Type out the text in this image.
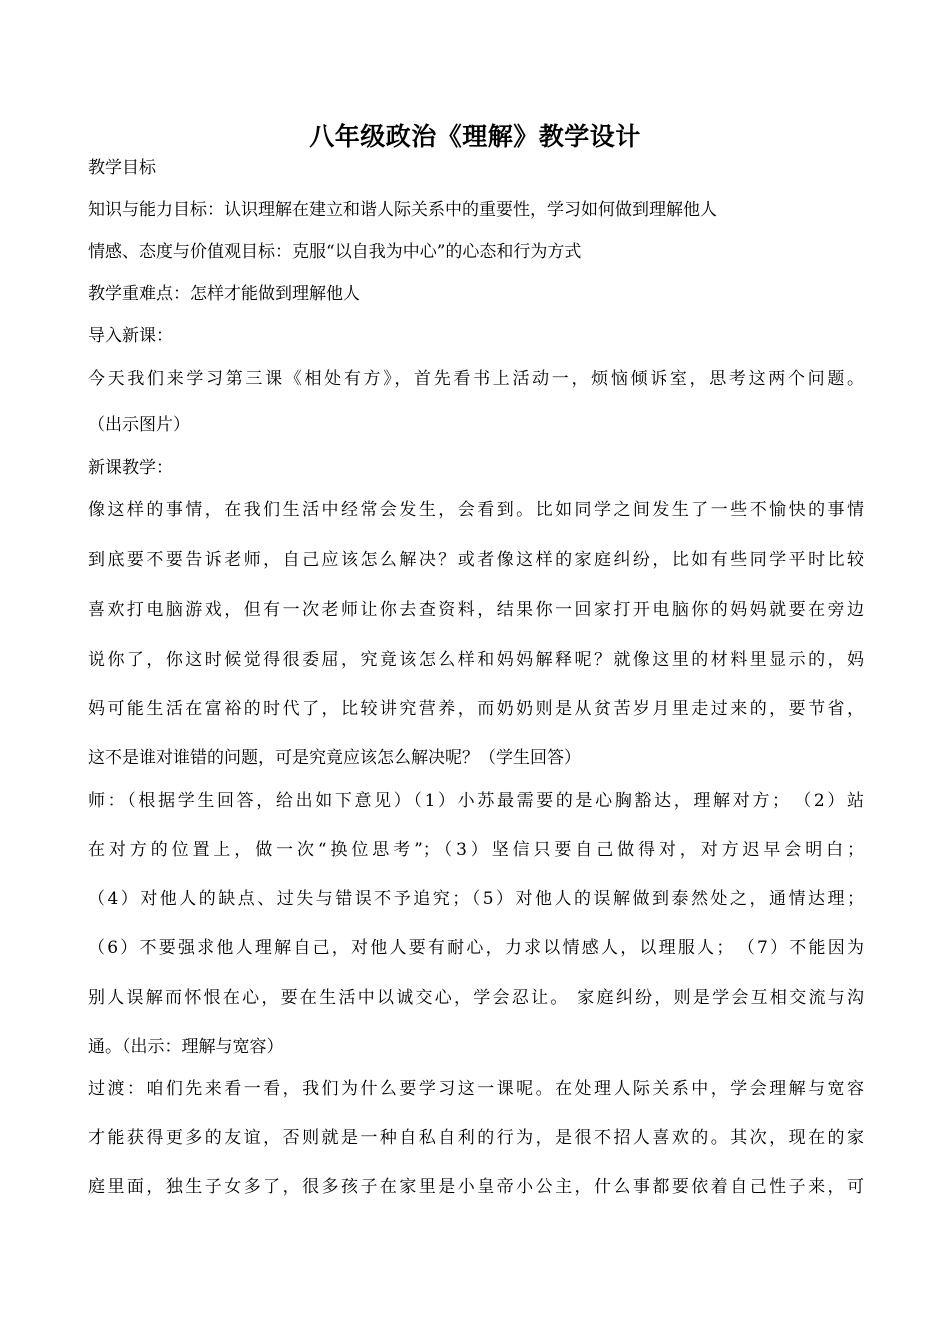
八年级政治《理解》教学设计
教学目标
知识与能力目标：认识理解在建立和谐人际关系中的重要性，学习如何做到理解他人
情感、态度与价值观目标：克服“以自我为中心”的心态和行为方式
教学重难点：怎样才能做到理解他人
导入新课：
今天我们来学习第三课《相处有方》，首先看书上活动一，烦恼倾诉室，思考这两个问题。
（出示图片）
新课教学：
像这样的事情，在我们生活中经常会发生，会看到。比如同学之间发生了一些不愉快的事情
到底要不要告诉老师，自己应该怎么解决？或者像这样的家庭纠纷，比如有些同学平时比较
喜欢打电脑游戏，但有一次老师让你去查资料，结果你一回家打开电脑你的妈妈就要在旁边
说你了，你这时候觉得很委屈，究竟该怎么样和妈妈解释呢？就像这里的材料里显示的，妈
妈可能生活在富裕的时代了，比较讲究营养，而奶奶则是从贫苦岁月里走过来的，要节省，
这不是谁对谁错的问题，可是究竟应该怎么解决呢？（学生回答）
师：（根据学生回答，给出如下意见）（1）小苏最需要的是心胸豁达，理解对方；　（2）站
在对方的位置上，做一次“换位思考”；（3）坚信只要自己做得对，对方迟早会明白；
（4）对他人的缺点、过失与错误不予追究；（5）对他人的误解做到泰然处之，通情达理；
（6）不要强求他人理解自己，对他人要有耐心，力求以情感人，以理服人；　（7）不能因为
别人误解而怀恨在心，要在生活中以诚交心，学会忍让。 家庭纠纷，则是学会互相交流与沟
通。（出示：理解与宽容）
过渡：咱们先来看一看，我们为什么要学习这一课呢。在处理人际关系中，学会理解与宽容
才能获得更多的友谊，否则就是一种自私自利的行为，是很不招人喜欢的。其次，现在的家
庭里面，独生子女多了，很多孩子在家里是小皇帝小公主，什么事都要依着自己性子来，可
